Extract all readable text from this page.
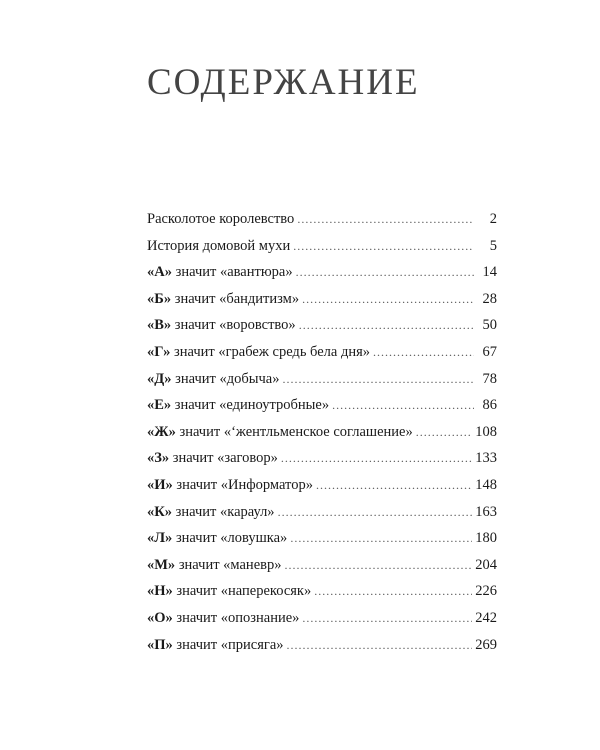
СОДЕРЖАНИЕ
Расколотое королевство .....	2
История домовой мухи .....	5
«А» значит «авантюра» .....	14
«Б» значит «бандитизм» .....	28
«В» значит «воровство» .....	50
«Г» значит «грабеж средь бела дня» .....	67
«Д» значит «добыча» .....	78
«Е» значит «единоутробные» .....	86
«Ж» значит «‘жентльменское соглашение» .....	108
«З» значит «заговор» .....	133
«И» значит «Информатор» .....	148
«К» значит «караул» .....	163
«Л» значит «ловушка» .....	180
«М» значит «маневр» .....	204
«Н» значит «наперекосяк» .....	226
«О» значит «опознание» .....	242
«П» значит «присяга» .....	269
